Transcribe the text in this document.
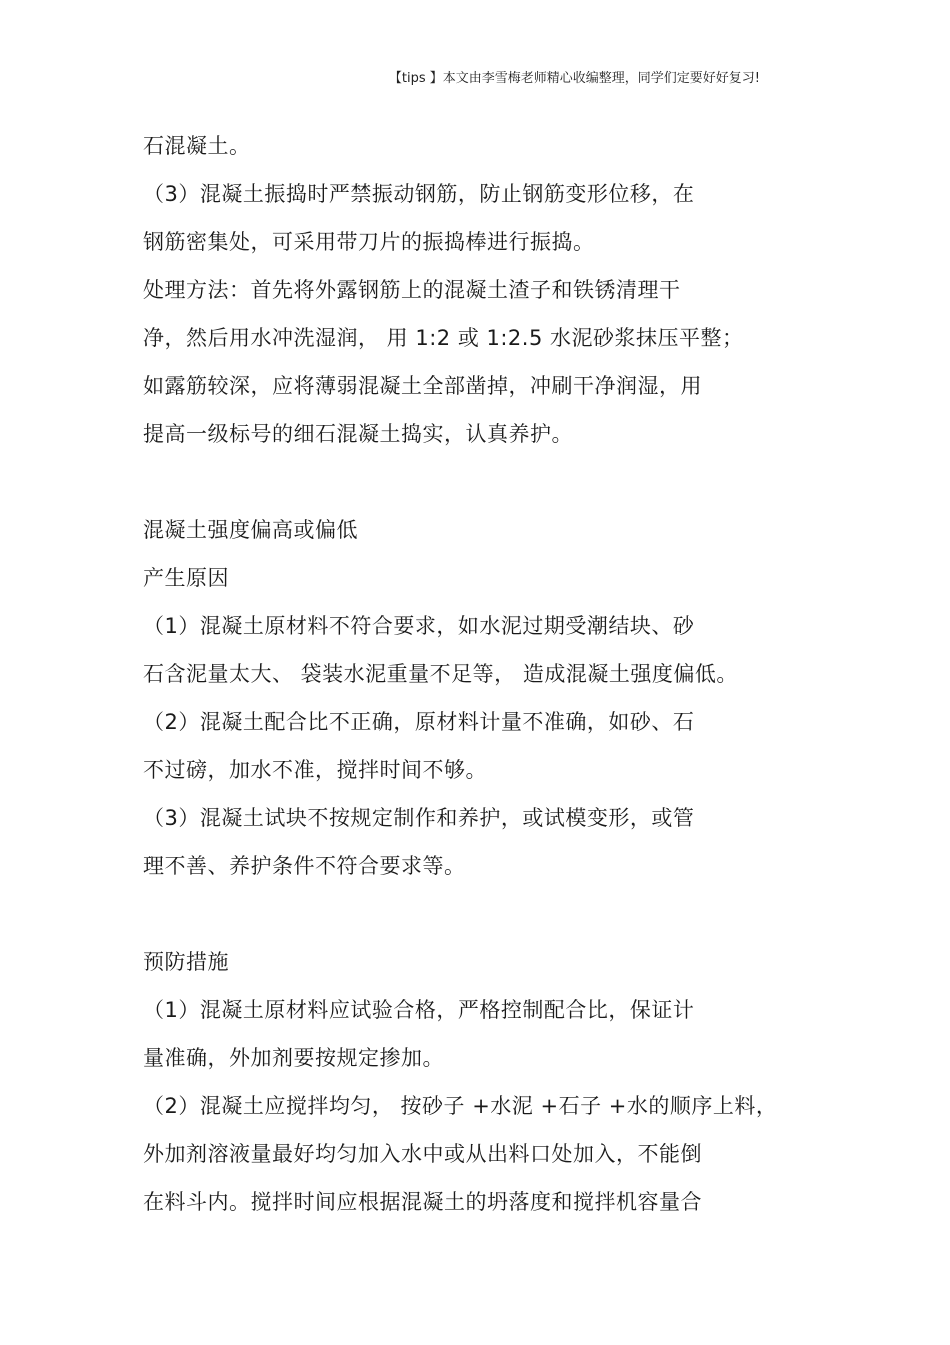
【tips 】本文由李雪梅老师精心收编整理，同学们定要好好复习!
石混凝土。
（3）混凝土振捣时严禁振动钢筋，防止钢筋变形位移，在
钢筋密集处，可采用带刀片的振捣棒进行振捣。
处理方法：首先将外露钢筋上的混凝土渣子和铁锈清理干
净，然后用水冲洗湿润， 用 1:2 或 1:2.5 水泥砂浆抹压平整；
如露筋较深，应将薄弱混凝土全部凿掉，冲刷干净润湿，用
提高一级标号的细石混凝土捣实，认真养护。
混凝土强度偏高或偏低
产生原因
（1）混凝土原材料不符合要求，如水泥过期受潮结块、砂
石含泥量太大、 袋装水泥重量不足等， 造成混凝土强度偏低。
（2）混凝土配合比不正确，原材料计量不准确，如砂、石
不过磅，加水不准，搅拌时间不够。
（3）混凝土试块不按规定制作和养护，或试模变形，或管
理不善、养护条件不符合要求等。
预防措施
（1）混凝土原材料应试验合格，严格控制配合比，保证计
量准确，外加剂要按规定掺加。
（2）混凝土应搅拌均匀， 按砂子 +水泥 +石子 +水的顺序上料，
外加剂溶液量最好均匀加入水中或从出料口处加入，不能倒
在料斗内。搅拌时间应根据混凝土的坍落度和搅拌机容量合
